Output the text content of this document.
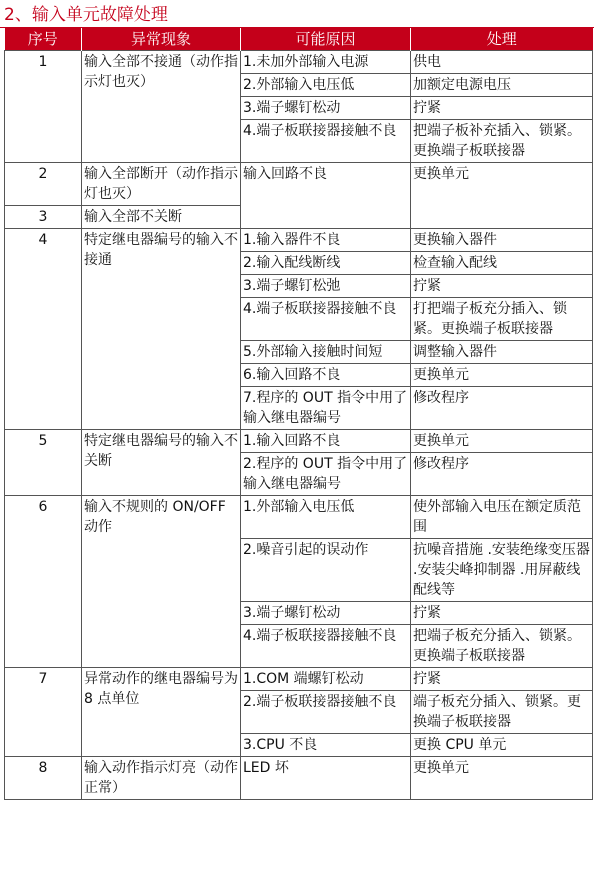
2、输入单元故障处理
序号	异常现象	可能原因	处理
1	输入全部不接通（动作指示灯也灭）	1.未加外部输入电源	供电
		2.外部输入电压低	加额定电源电压
		3.端子螺钉松动	拧紧
		4.端子板联接器接触不良	把端子板补充插入、锁紧。更换端子板联接器
2	输入全部断开（动作指示灯也灭）	输入回路不良	更换单元
3	输入全部不关断		
4	特定继电器编号的输入不接通	1.输入器件不良	更换输入器件
		2.输入配线断线	检查输入配线
		3.端子螺钉松弛	拧紧
		4.端子板联接器接触不良	打把端子板充分插入、锁紧。更换端子板联接器
		5.外部输入接触时间短	调整输入器件
		6.输入回路不良	更换单元
		7.程序的 OUT 指令中用了输入继电器编号	修改程序
5	特定继电器编号的输入不关断	1.输入回路不良	更换单元
		2.程序的 OUT 指令中用了输入继电器编号	修改程序
6	输入不规则的 ON/OFF 动作	1.外部输入电压低	使外部输入电压在额定质范围
		2.噪音引起的误动作	抗噪音措施 .安装绝缘变压器 .安装尖峰抑制器 .用屏蔽线配线等
		3.端子螺钉松动	拧紧
		4.端子板联接器接触不良	把端子板充分插入、锁紧。更换端子板联接器
7	异常动作的继电器编号为 8 点单位	1.COM 端螺钉松动	拧紧
		2.端子板联接器接触不良	端子板充分插入、锁紧。更换端子板联接器
		3.CPU 不良	更换 CPU 单元
8	输入动作指示灯亮（动作正常）	LED 坏	更换单元
